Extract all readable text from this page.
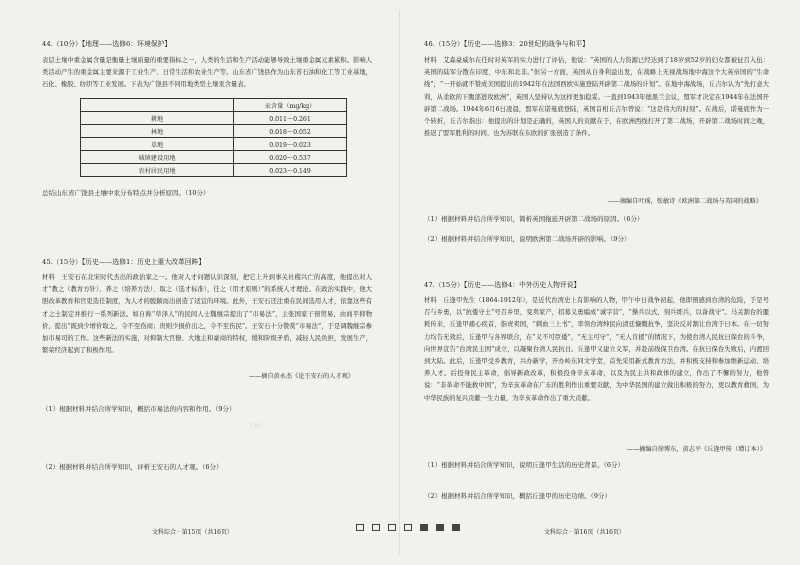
44.（10分）【地理——选修6：环境保护】
表层土壤中重金属含量是衡量土壤质量的重要指标之一，人类的生活和生产活动能够导致土壤重金属元素累积。影响人类活动产生的重金属主要来源于工业生产、日常生活和农业生产等。山东省广饶县作为山东省石油和化工等工业基地，石化、橡胶、纺织等工业发展。下表为广饶县不同用地类型土壤汞含量表。
	汞含量（mg/kg）
耕地	0.011～0.261
林地	0.018～0.052
草地	0.019～0.023
城镇建设用地	0.020～0.537
农村居民用地	0.023～0.149
总结山东省广饶县土壤中汞分布特点并分析原因。（10分）
45.（15分）【历史——选修1：历史上重大改革回眸】
材料　王安石在北宋时代杰出的政治家之一。他对人才问题认识深刻，把它上升到事关社稷兴亡的高度，他提出对人才“教之（教育方针）、养之（培养方法）、取之（选才标准），任之（用才原则）”的系统人才理论。在政治实践中，他大胆改革教育和官吏选任制度，为人才的脱颖而出创造了适宜的环境。此外，王安石还注重在民间选用人才，依靠这些有才之士制定并推行一系列新法。如自称“草泽人”的民间人士魏继宗提出了“市易法”，主张国家干预贸易，由商平抑物价，提出“既到少增价取之，令不至伤商；贵则少损价出之，令不至伤民”。王安石十分赞赏“市易法”，于是调魏继宗参加市易司的工作。这些新法的实施，对抑制大官僚、大地主和豪商的特权，缓和阶级矛盾，减轻人民负担，发展生产，繁荣经济起到了积极作用。
——摘自黄永杰《论王安石的人才观》
（1）根据材料并结合所学知识，概括市易法的内容和作用。（9分）
（ 分）
（2）根据材料并结合所学知识，评析王安石的人才观。（6分）
文科综合 · 第15页（共16页）
46.（15分）【历史——选修3：20世纪的战争与和平】
材料　艾森豪威尔在任时对英军的实力进行了评估，他说：“英国的人力资源已经达到了18岁到52岁的妇女都被征召入伍：英国的陆军分散在印度、中东和北非。”但另一方面，英国从自身利益出发，在战略上无视战场地中海这个大英帝国的“生命线”，“一开始就不赞成美国提出的1942年在法国西欧实施登陆开辟第二战场的计划”。在地中海战场，丘吉尔认为“先打意大利，从柔软的下腹部进攻欧洲”，英国人坚持认为这样更加稳妥。一直到1943年德黑兰会议，盟军才决定在1944年在法国开辟第二战场。1944年6月6日凌晨，盟军在诺曼底登陆，英国首相丘吉尔曾说：“这是伟大的时刻”。在战后，诺曼底作为一个转折，丘吉尔指出：他提出的计划是正确的，英国人的贡献在于，在欧洲西线打开了第二战场，开辟第二战场时间之晚，推迟了盟军胜利的时间，也为苏联在东欧的扩张创造了条件。
——摘编自叶瑶，张敏诗《欧洲第二战场与英国的战略》
（1）根据材料并结合所学知识，简析英国拖延开辟第二战场的原因。（6分）
（2）根据材料并结合所学知识，说明欧洲第二战场开辟的影响。（9分）
47.（15分）【历史——选修4：中外历史人物评说】
材料　丘逢甲先生（1864-1912年），是近代台湾史上有影响的人物，甲午中日战争初起，他即預感到台湾的危险，于是号召与乡勇，以“抗倭守土”号召乡里，变卖家产，招募义勇编成“诚字营”，“操兵以式，刻兵练兵，以备战守”。马关割台的噩耗传来，丘逢甲痛心疾首，指责卖国，“刺血三上书”，率领台湾绅民向清廷慷慨抗争，坚决反对割让台湾于日本。在一切努力均告无效后，丘逢甲与各界联合，在“义不可臣倭”，“无主可守”，“无人肯援”的情况下，为使台湾人民抗日保台的斗争，向世界宣告“台湾民主国”成立，以凝聚台湾人民抗日。丘逢甲又建立义军，并赴前线保卫台湾。在抗日保台失败后，内渡回到大陆。此后，丘逢甲受乡教育，兴办新学，开办岭东同文学堂，首先采用新式教育方法，并积极支持和参加维新运动、培养人才。后投身民主革命，倡导新政改革，积极投身辛亥革命，以及为民主共和政体的建立，作出了不懈的努力，他曾说：“非革命不能救中国”，为辛亥革命在广东的胜利作出重要贡献，为中华民国的建立做出积极的努力，更以教育救国，为中华民族的复兴贡献一生力量，为辛亥革命作出了重大贡献。
——摘编自徐博东，黄志平《丘逢甲传（增订本）》
（1）根据材料并结合所学知识，说明丘逢甲生活的历史背景。（6分）
（2）根据材料并结合所学知识，概括丘逢甲的历史功绩。（9分）
文科综合 · 第16页（共16页）
